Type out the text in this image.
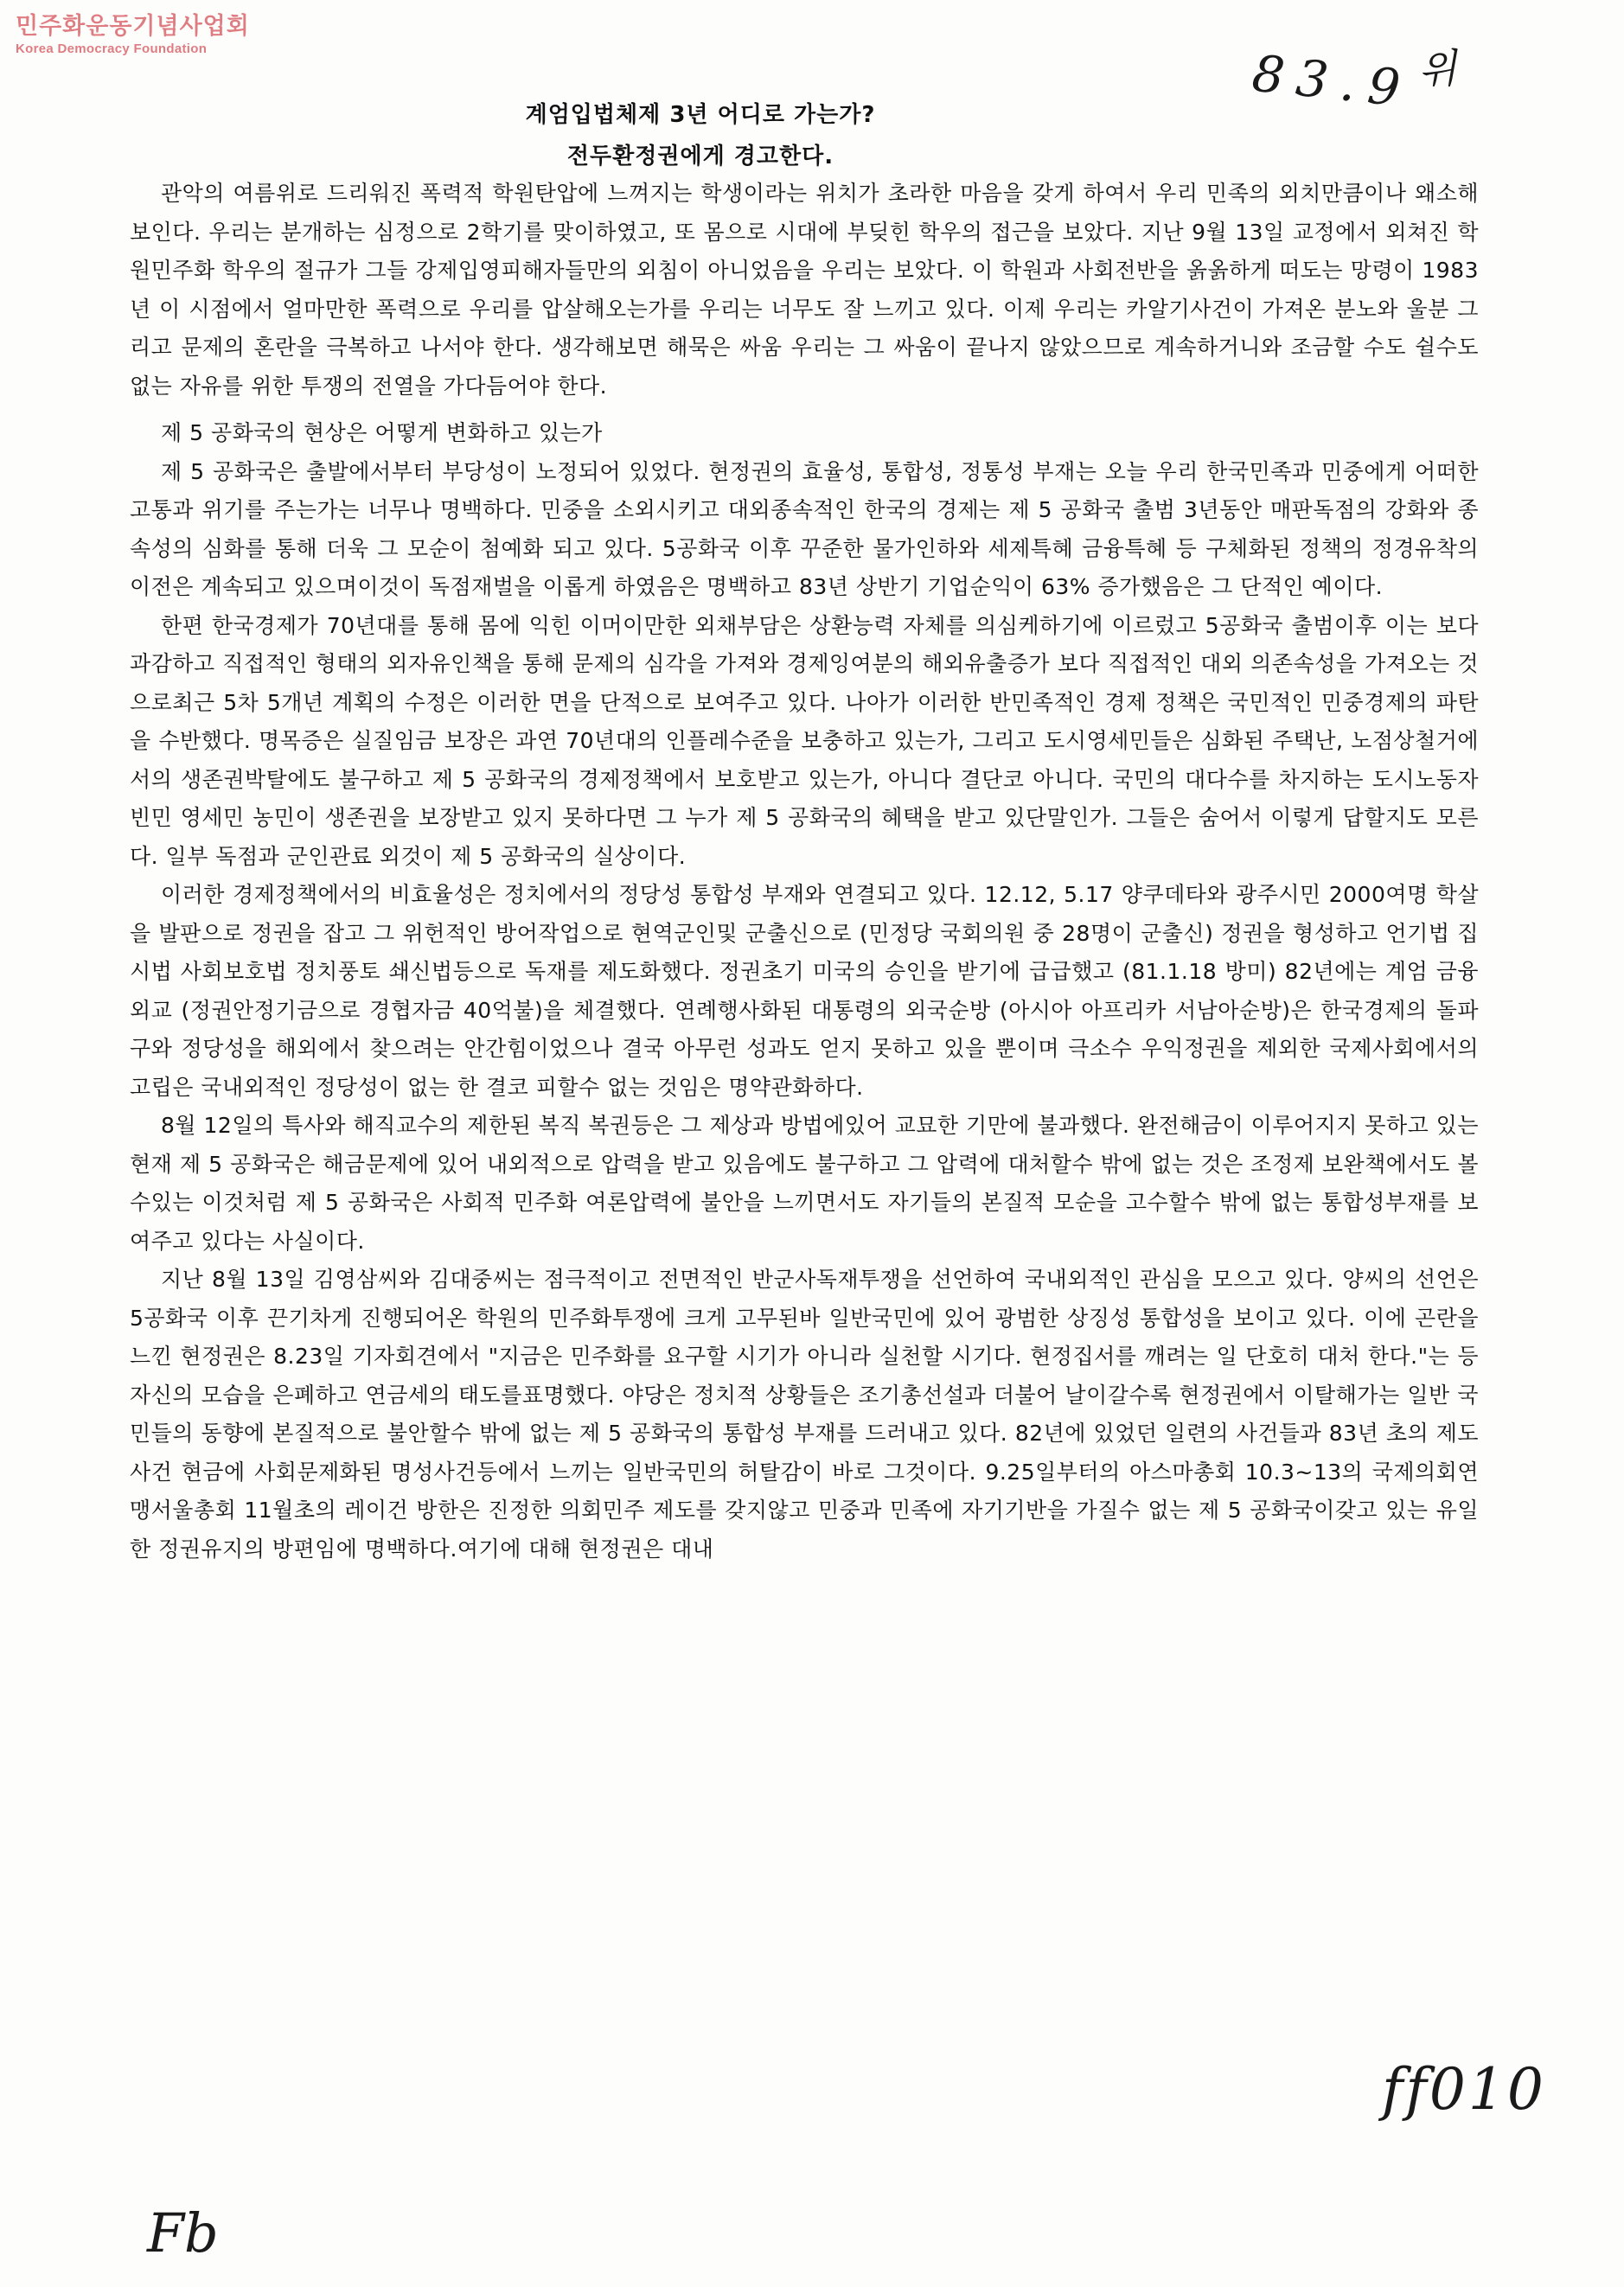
민주화운동기념사업회
Korea Democracy Foundation	83.9 위
계엄입법체제 3년 어디로 가는가?
전두환정권에게 경고한다.

관악의 여름위로 드리워진 폭력적 학원탄압에 느껴지는 학생이라는 위치가 초라한 마음을 갖게 하여서 우리 민족의 외치만큼이나 왜소해 보인다. 우리는 분개하는 심정으로 2학기를 맞이하였고, 또 몸으로 시대에 부딪힌 학우의 접근을 보았다. 지난 9월 13일 교정에서 외쳐진 학원민주화 학우의 절규가 그들 강제입영피해자들만의 외침이 아니었음을 우리는 보았다. 이 학원과 사회전반을 옭옭하게 떠도는 망령이 1983년 이 시점에서 얼마만한 폭력으로 우리를 압살해오는가를 우리는 너무도 잘 느끼고 있다. 이제 우리는 카알기사건이 가져온 분노와 울분 그리고 문제의 혼란을 극복하고 나서야 한다. 생각해보면 해묵은 싸움 우리는 그 싸움이 끝나지 않았으므로 계속하거니와 조금할 수도 쉴수도 없는 자유를 위한 투쟁의 전열을 가다듬어야 한다.

제 5 공화국의 현상은 어떻게 변화하고 있는가

제 5 공화국은 출발에서부터 부당성이 노정되어 있었다. 현정권의 효율성, 통합성, 정통성 부재는 오늘 우리 한국민족과 민중에게 어떠한 고통과 위기를 주는가는 너무나 명백하다. 민중을 소외시키고 대외종속적인 한국의 경제는 제 5 공화국 출범 3년동안 매판독점의 강화와 종속성의 심화를 통해 더욱 그 모순이 첨예화 되고 있다. 5공화국 이후 꾸준한 물가인하와 세제특혜 금융특혜 등 구체화된 정책의 정경유착의 이전은 계속되고 있으며이것이 독점재벌을 이롭게 하였음은 명백하고 83년 상반기 기업순익이 63% 증가했음은 그 단적인 예이다.

한편 한국경제가 70년대를 통해 몸에 익힌 이머이만한 외채부담은 상환능력 자체를 의심케하기에 이르렀고 5공화국 출범이후 이는 보다 과감하고 직접적인 형태의 외자유인책을 통해 문제의 심각을 가져와 경제잉여분의 해외유출증가 보다 직접적인 대외 의존속성을 가져오는 것으로최근 5차 5개년 계획의 수정은 이러한 면을 단적으로 보여주고 있다. 나아가 이러한 반민족적인 경제 정책은 국민적인 민중경제의 파탄을 수반했다. 명목증은 실질임금 보장은 과연 70년대의 인플레수준을 보충하고 있는가, 그리고 도시영세민들은 심화된 주택난, 노점상철거에서의 생존권박탈에도 불구하고 제 5 공화국의 경제정책에서 보호받고 있는가, 아니다 결단코 아니다. 국민의 대다수를 차지하는 도시노동자 빈민 영세민 농민이 생존권을 보장받고 있지 못하다면 그 누가 제 5 공화국의 혜택을 받고 있단말인가. 그들은 숨어서 이렇게 답할지도 모른다. 일부 독점과 군인관료 외것이 제 5 공화국의 실상이다.

이러한 경제정책에서의 비효율성은 정치에서의 정당성 통합성 부재와 연결되고 있다. 12.12, 5.17 양쿠데타와 광주시민 2000여명 학살을 발판으로 정권을 잡고 그 위헌적인 방어작업으로 현역군인및 군출신으로 (민정당 국회의원 중 28명이 군출신) 정권을 형성하고 언기법 집시법 사회보호법 정치풍토 쇄신법등으로 독재를 제도화했다. 정권초기 미국의 승인을 받기에 급급했고 (81.1.18 방미) 82년에는 계엄 금융외교 (정권안정기금으로 경협자금 40억불)을 체결했다. 연례행사화된 대통령의 외국순방 (아시아 아프리카 서남아순방)은 한국경제의 돌파구와 정당성을 해외에서 찾으려는 안간힘이었으나 결국 아무런 성과도 얻지 못하고 있을 뿐이며 극소수 우익정권을 제외한 국제사회에서의 고립은 국내외적인 정당성이 없는 한 결코 피할수 없는 것임은 명약관화하다.

8월 12일의 특사와 해직교수의 제한된 복직 복권등은 그 제상과 방법에있어 교묘한 기만에 불과했다. 완전해금이 이루어지지 못하고 있는 현재 제 5 공화국은 해금문제에 있어 내외적으로 압력을 받고 있음에도 불구하고 그 압력에 대처할수 밖에 없는 것은 조정제 보완책에서도 볼수있는 이것처럼 제 5 공화국은 사회적 민주화 여론압력에 불안을 느끼면서도 자기들의 본질적 모순을 고수할수 밖에 없는 통합성부재를 보여주고 있다는 사실이다.

지난 8월 13일 김영삼씨와 김대중씨는 점극적이고 전면적인 반군사독재투쟁을 선언하여 국내외적인 관심을 모으고 있다. 양씨의 선언은 5공화국 이후 끈기차게 진행되어온 학원의 민주화투쟁에 크게 고무된바 일반국민에 있어 광범한 상징성 통합성을 보이고 있다. 이에 곤란을 느낀 현정권은 8.23일 기자회견에서 "지금은 민주화를 요구할 시기가 아니라 실천할 시기다. 현정집서를 깨려는 일 단호히 대처 한다."는 등 자신의 모습을 은폐하고 연금세의 태도를표명했다. 야당은 정치적 상황들은 조기총선설과 더불어 날이갈수록 현정권에서 이탈해가는 일반 국민들의 동향에 본질적으로 불안할수 밖에 없는 제 5 공화국의 통합성 부재를 드러내고 있다. 82년에 있었던 일련의 사건들과 83년 초의 제도사건 현금에 사회문제화된 명성사건등에서 느끼는 일반국민의 허탈감이 바로 그것이다. 9.25일부터의 아스마총회 10.3~13의 국제의회연맹서울총회 11월초의 레이건 방한은 진정한 의회민주 제도를 갖지않고 민중과 민족에 자기기반을 가질수 없는 제 5 공화국이갖고 있는 유일한 정권유지의 방편임에 명백하다.여기에 대해 현정권은 대내

ff010
Fb
